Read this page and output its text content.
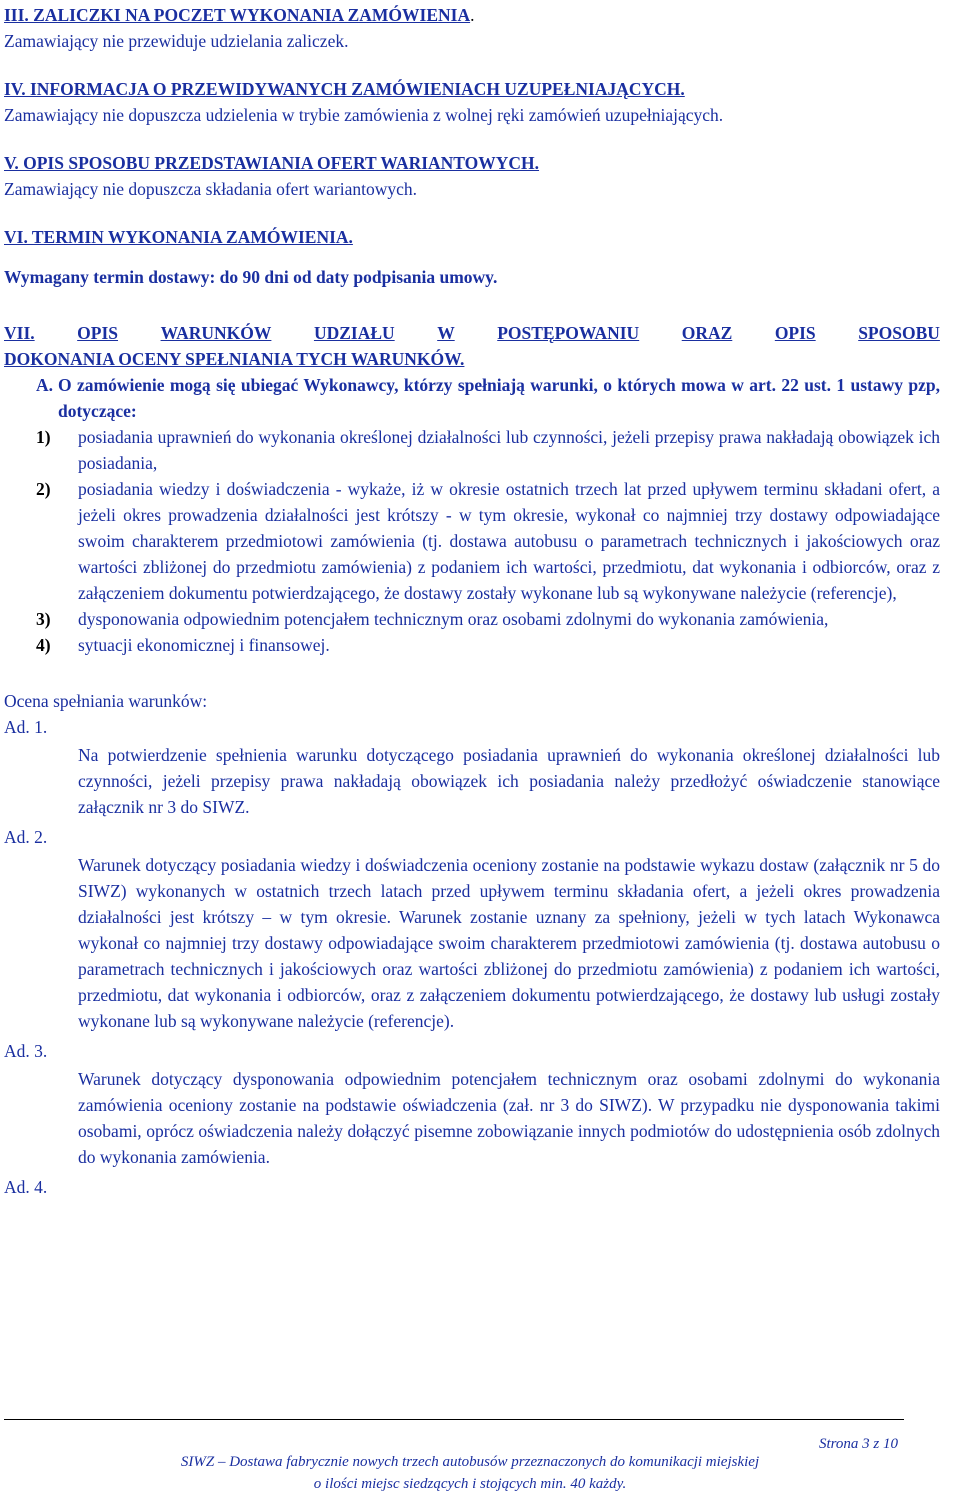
III. ZALICZKI NA POCZET WYKONANIA ZAMÓWIENIA.
Zamawiający nie przewiduje udzielania zaliczek.
IV. INFORMACJA O PRZEWIDYWANYCH ZAMÓWIENIACH UZUPEŁNIAJĄCYCH.
Zamawiający nie dopuszcza udzielenia w trybie zamówienia z wolnej ręki zamówień uzupełniających.
V. OPIS SPOSOBU PRZEDSTAWIANIA OFERT WARIANTOWYCH.
Zamawiający nie dopuszcza składania ofert wariantowych.
VI. TERMIN WYKONANIA ZAMÓWIENIA.
Wymagany termin dostawy: do 90 dni od daty podpisania umowy.
VII. OPIS WARUNKÓW UDZIAŁU W POSTĘPOWANIU ORAZ OPIS SPOSOBU
DOKONANIA OCENY SPEŁNIANIA TYCH WARUNKÓW.
A. O zamówienie mogą się ubiegać Wykonawcy, którzy spełniają warunki, o których mowa w art. 22 ust. 1 ustawy pzp, dotyczące:
1) posiadania uprawnień do wykonania określonej działalności lub czynności, jeżeli przepisy prawa nakładają obowiązek ich posiadania,
2) posiadania wiedzy i doświadczenia - wykaże, iż w okresie ostatnich trzech lat przed upływem terminu składani ofert, a jeżeli okres prowadzenia działalności jest krótszy - w tym okresie, wykonał co najmniej trzy dostawy odpowiadające swoim charakterem przedmiotowi zamówienia (tj. dostawa autobusu o parametrach technicznych i jakościowych oraz wartości zbliżonej do przedmiotu zamówienia) z podaniem ich wartości, przedmiotu, dat wykonania i odbiorców, oraz z załączeniem dokumentu potwierdzającego, że dostawy zostały wykonane lub są wykonywane należycie (referencje),
3) dysponowania odpowiednim potencjałem technicznym oraz osobami zdolnymi do wykonania zamówienia,
4) sytuacji ekonomicznej i finansowej.
Ocena spełniania warunków:
Ad. 1.
Na potwierdzenie spełnienia warunku dotyczącego posiadania uprawnień do wykonania określonej działalności lub czynności, jeżeli przepisy prawa nakładają obowiązek ich posiadania należy przedłożyć oświadczenie stanowiące załącznik nr 3 do SIWZ.
Ad. 2.
Warunek dotyczący posiadania wiedzy i doświadczenia oceniony zostanie na podstawie wykazu dostaw (załącznik nr 5 do SIWZ) wykonanych w ostatnich trzech latach przed upływem terminu składania ofert, a jeżeli okres prowadzenia działalności jest krótszy – w tym okresie. Warunek zostanie uznany za spełniony, jeżeli w tych latach Wykonawca wykonał co najmniej trzy dostawy odpowiadające swoim charakterem przedmiotowi zamówienia (tj. dostawa autobusu o parametrach technicznych i jakościowych oraz wartości zbliżonej do przedmiotu zamówienia) z podaniem ich wartości, przedmiotu, dat wykonania i odbiorców, oraz z załączeniem dokumentu potwierdzającego, że dostawy lub usługi zostały wykonane lub są wykonywane należycie (referencje).
Ad. 3.
Warunek dotyczący dysponowania odpowiednim potencjałem technicznym oraz osobami zdolnymi do wykonania zamówienia oceniony zostanie na podstawie oświadczenia (zał. nr 3 do SIWZ). W przypadku nie dysponowania takimi osobami, oprócz oświadczenia należy dołączyć pisemne zobowiązanie innych podmiotów do udostępnienia osób zdolnych do wykonania zamówienia.
Ad. 4.
Strona 3 z 10
SIWZ – Dostawa fabrycznie nowych trzech autobusów przeznaczonych do komunikacji miejskiej
o ilości miejsc siedzących i stojących min. 40 każdy.
